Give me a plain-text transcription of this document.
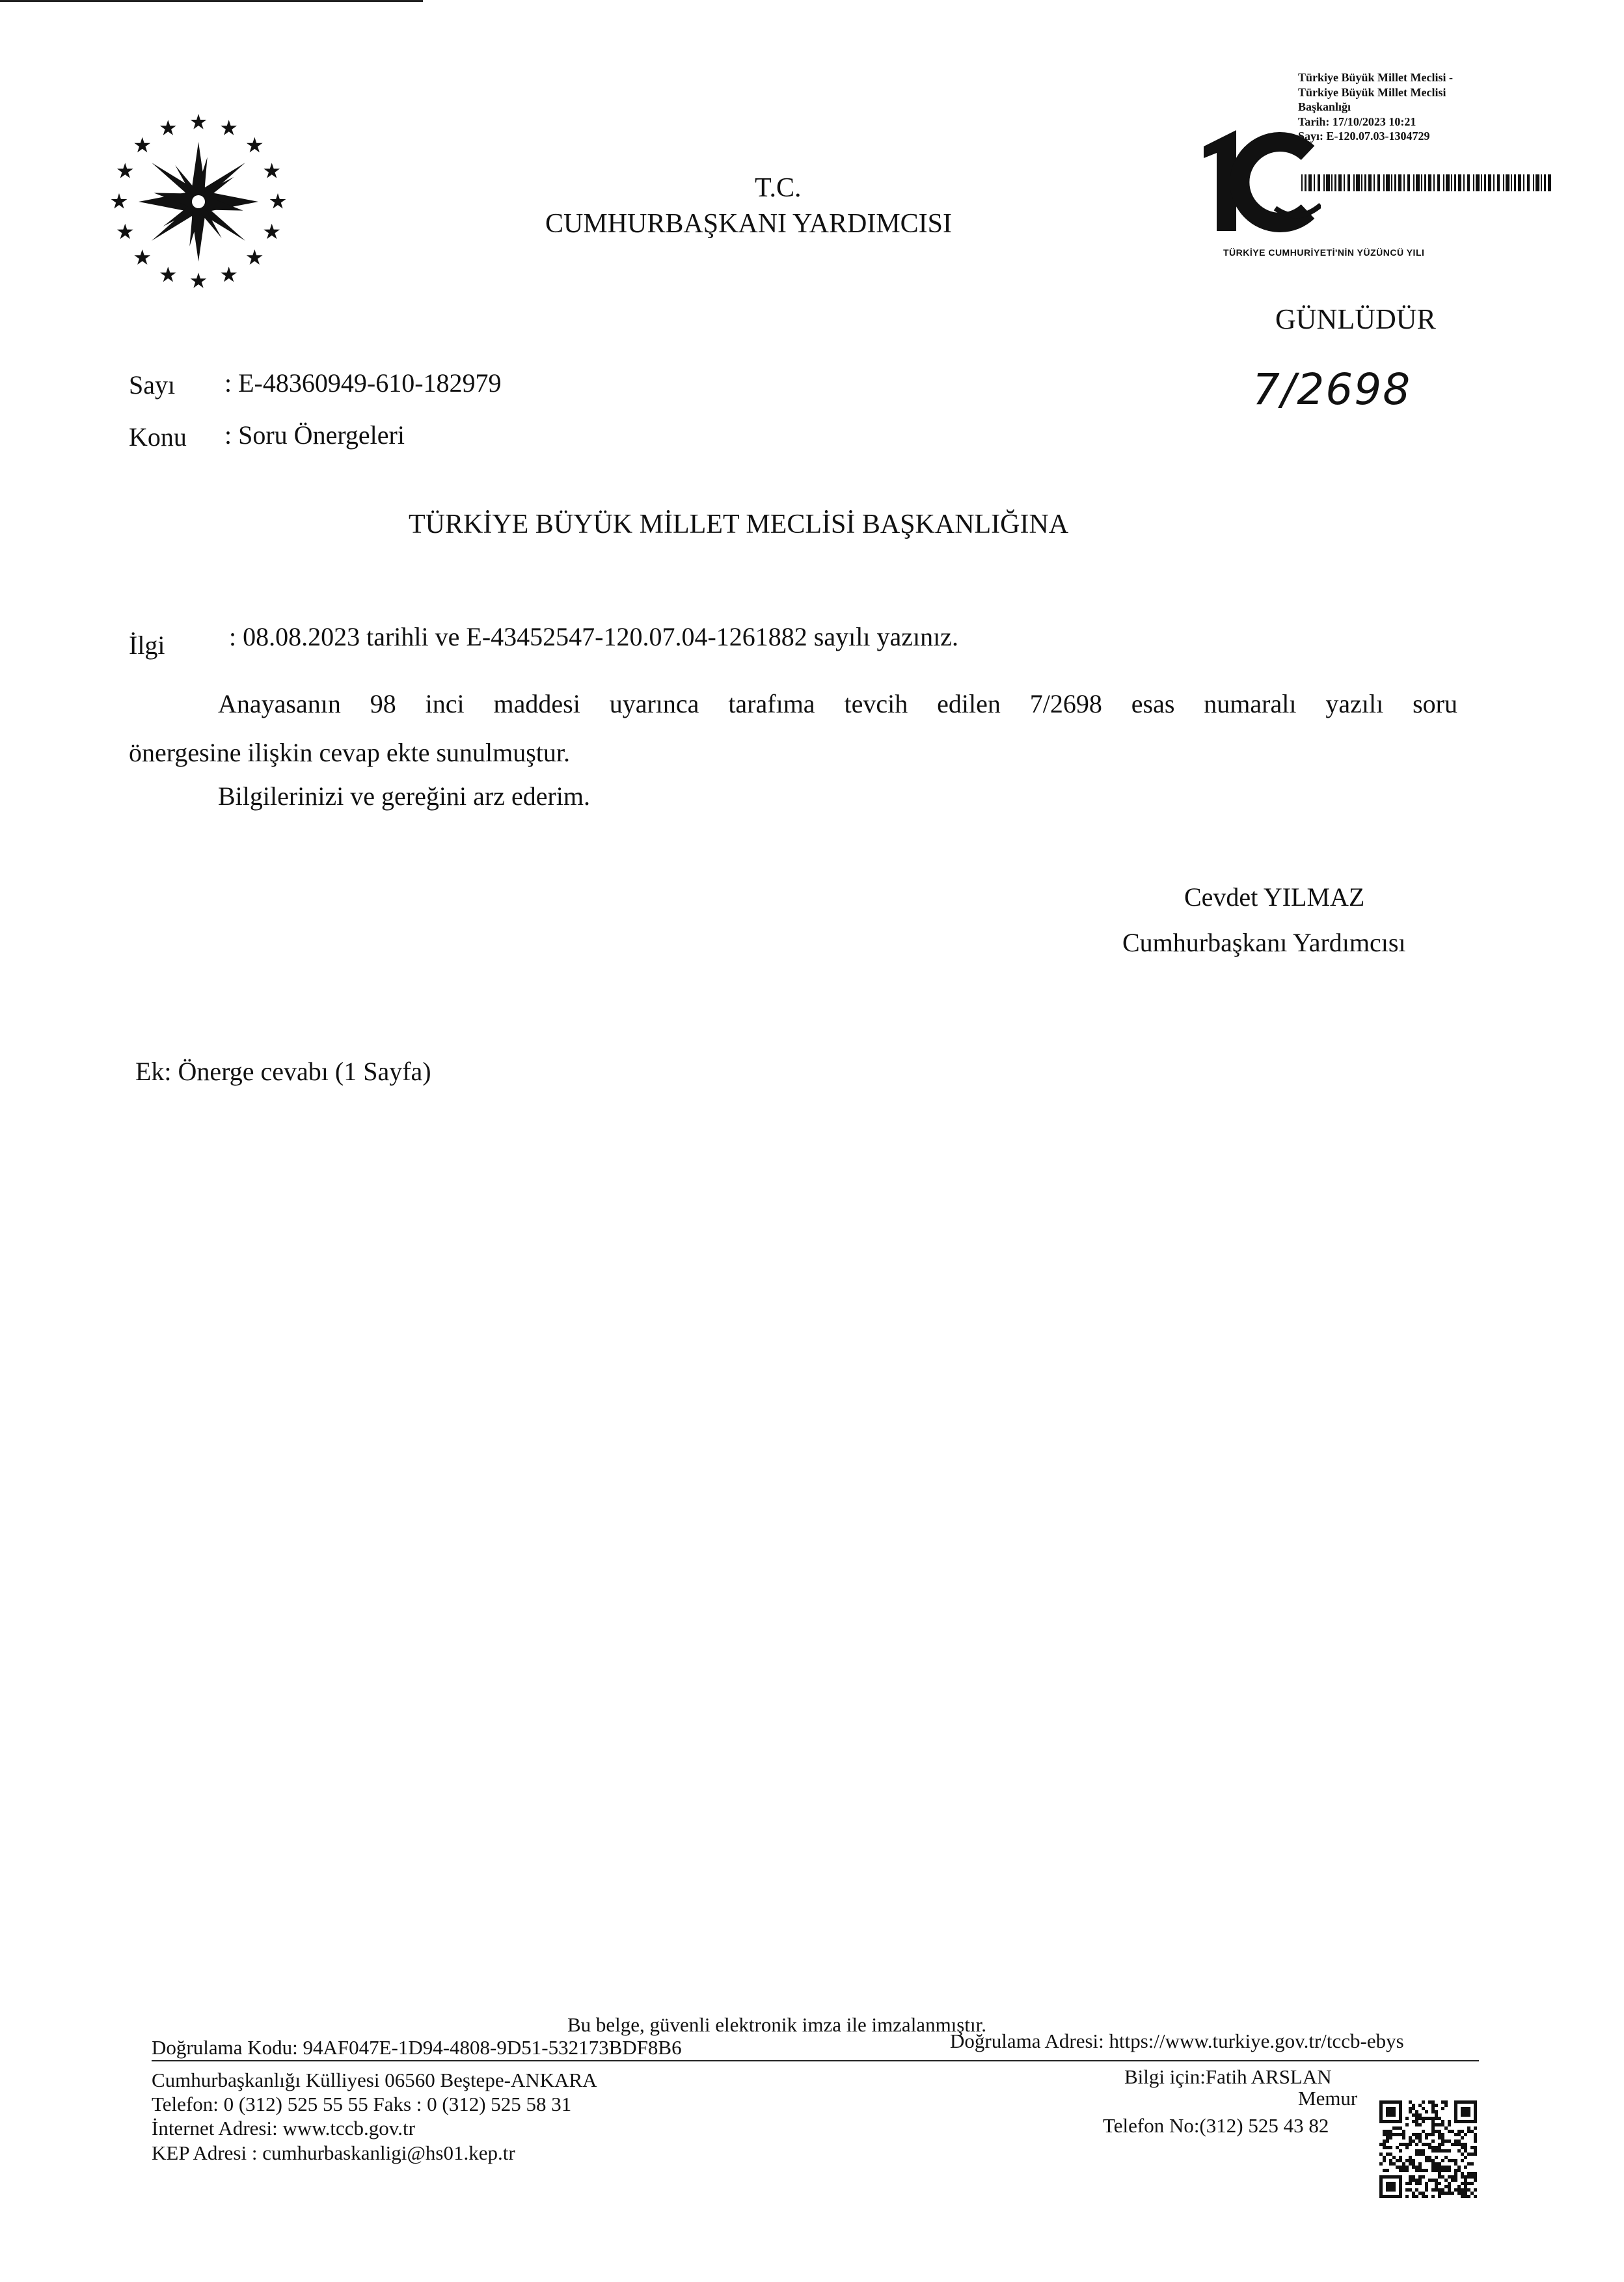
T.C.
CUMHURBAŞKANI YARDIMCISI
Türkiye Büyük Millet Meclisi -
Türkiye Büyük Millet Meclisi
Başkanlığı
Tarih: 17/10/2023 10:21
Sayı: E-120.07.03-1304729
TÜRKİYE CUMHURİYETİ'NİN YÜZÜNCÜ YILI
GÜNLÜDÜR
7/2698
Sayı : E-48360949-610-182979
Konu : Soru Önergeleri
TÜRKİYE BÜYÜK MİLLET MECLİSİ BAŞKANLIĞINA
İlgi : 08.08.2023 tarihli ve E-43452547-120.07.04-1261882 sayılı yazınız.
Anayasanın 98 inci maddesi uyarınca tarafıma tevcih edilen 7/2698 esas numaralı yazılı soru
önergesine ilişkin cevap ekte sunulmuştur.
Bilgilerinizi ve gereğini arz ederim.
Cevdet YILMAZ
Cumhurbaşkanı Yardımcısı
Ek: Önerge cevabı (1 Sayfa)
Bu belge, güvenli elektronik imza ile imzalanmıştır.
Doğrulama Kodu: 94AF047E-1D94-4808-9D51-532173BDF8B6	Doğrulama Adresi: https://www.turkiye.gov.tr/tccb-ebys
Cumhurbaşkanlığı Külliyesi 06560 Beştepe-ANKARA
Telefon: 0 (312) 525 55 55 Faks : 0 (312) 525 58 31
İnternet Adresi: www.tccb.gov.tr
KEP Adresi : cumhurbaskanligi@hs01.kep.tr
Bilgi için:Fatih ARSLAN
Memur
Telefon No:(312) 525 43 82
